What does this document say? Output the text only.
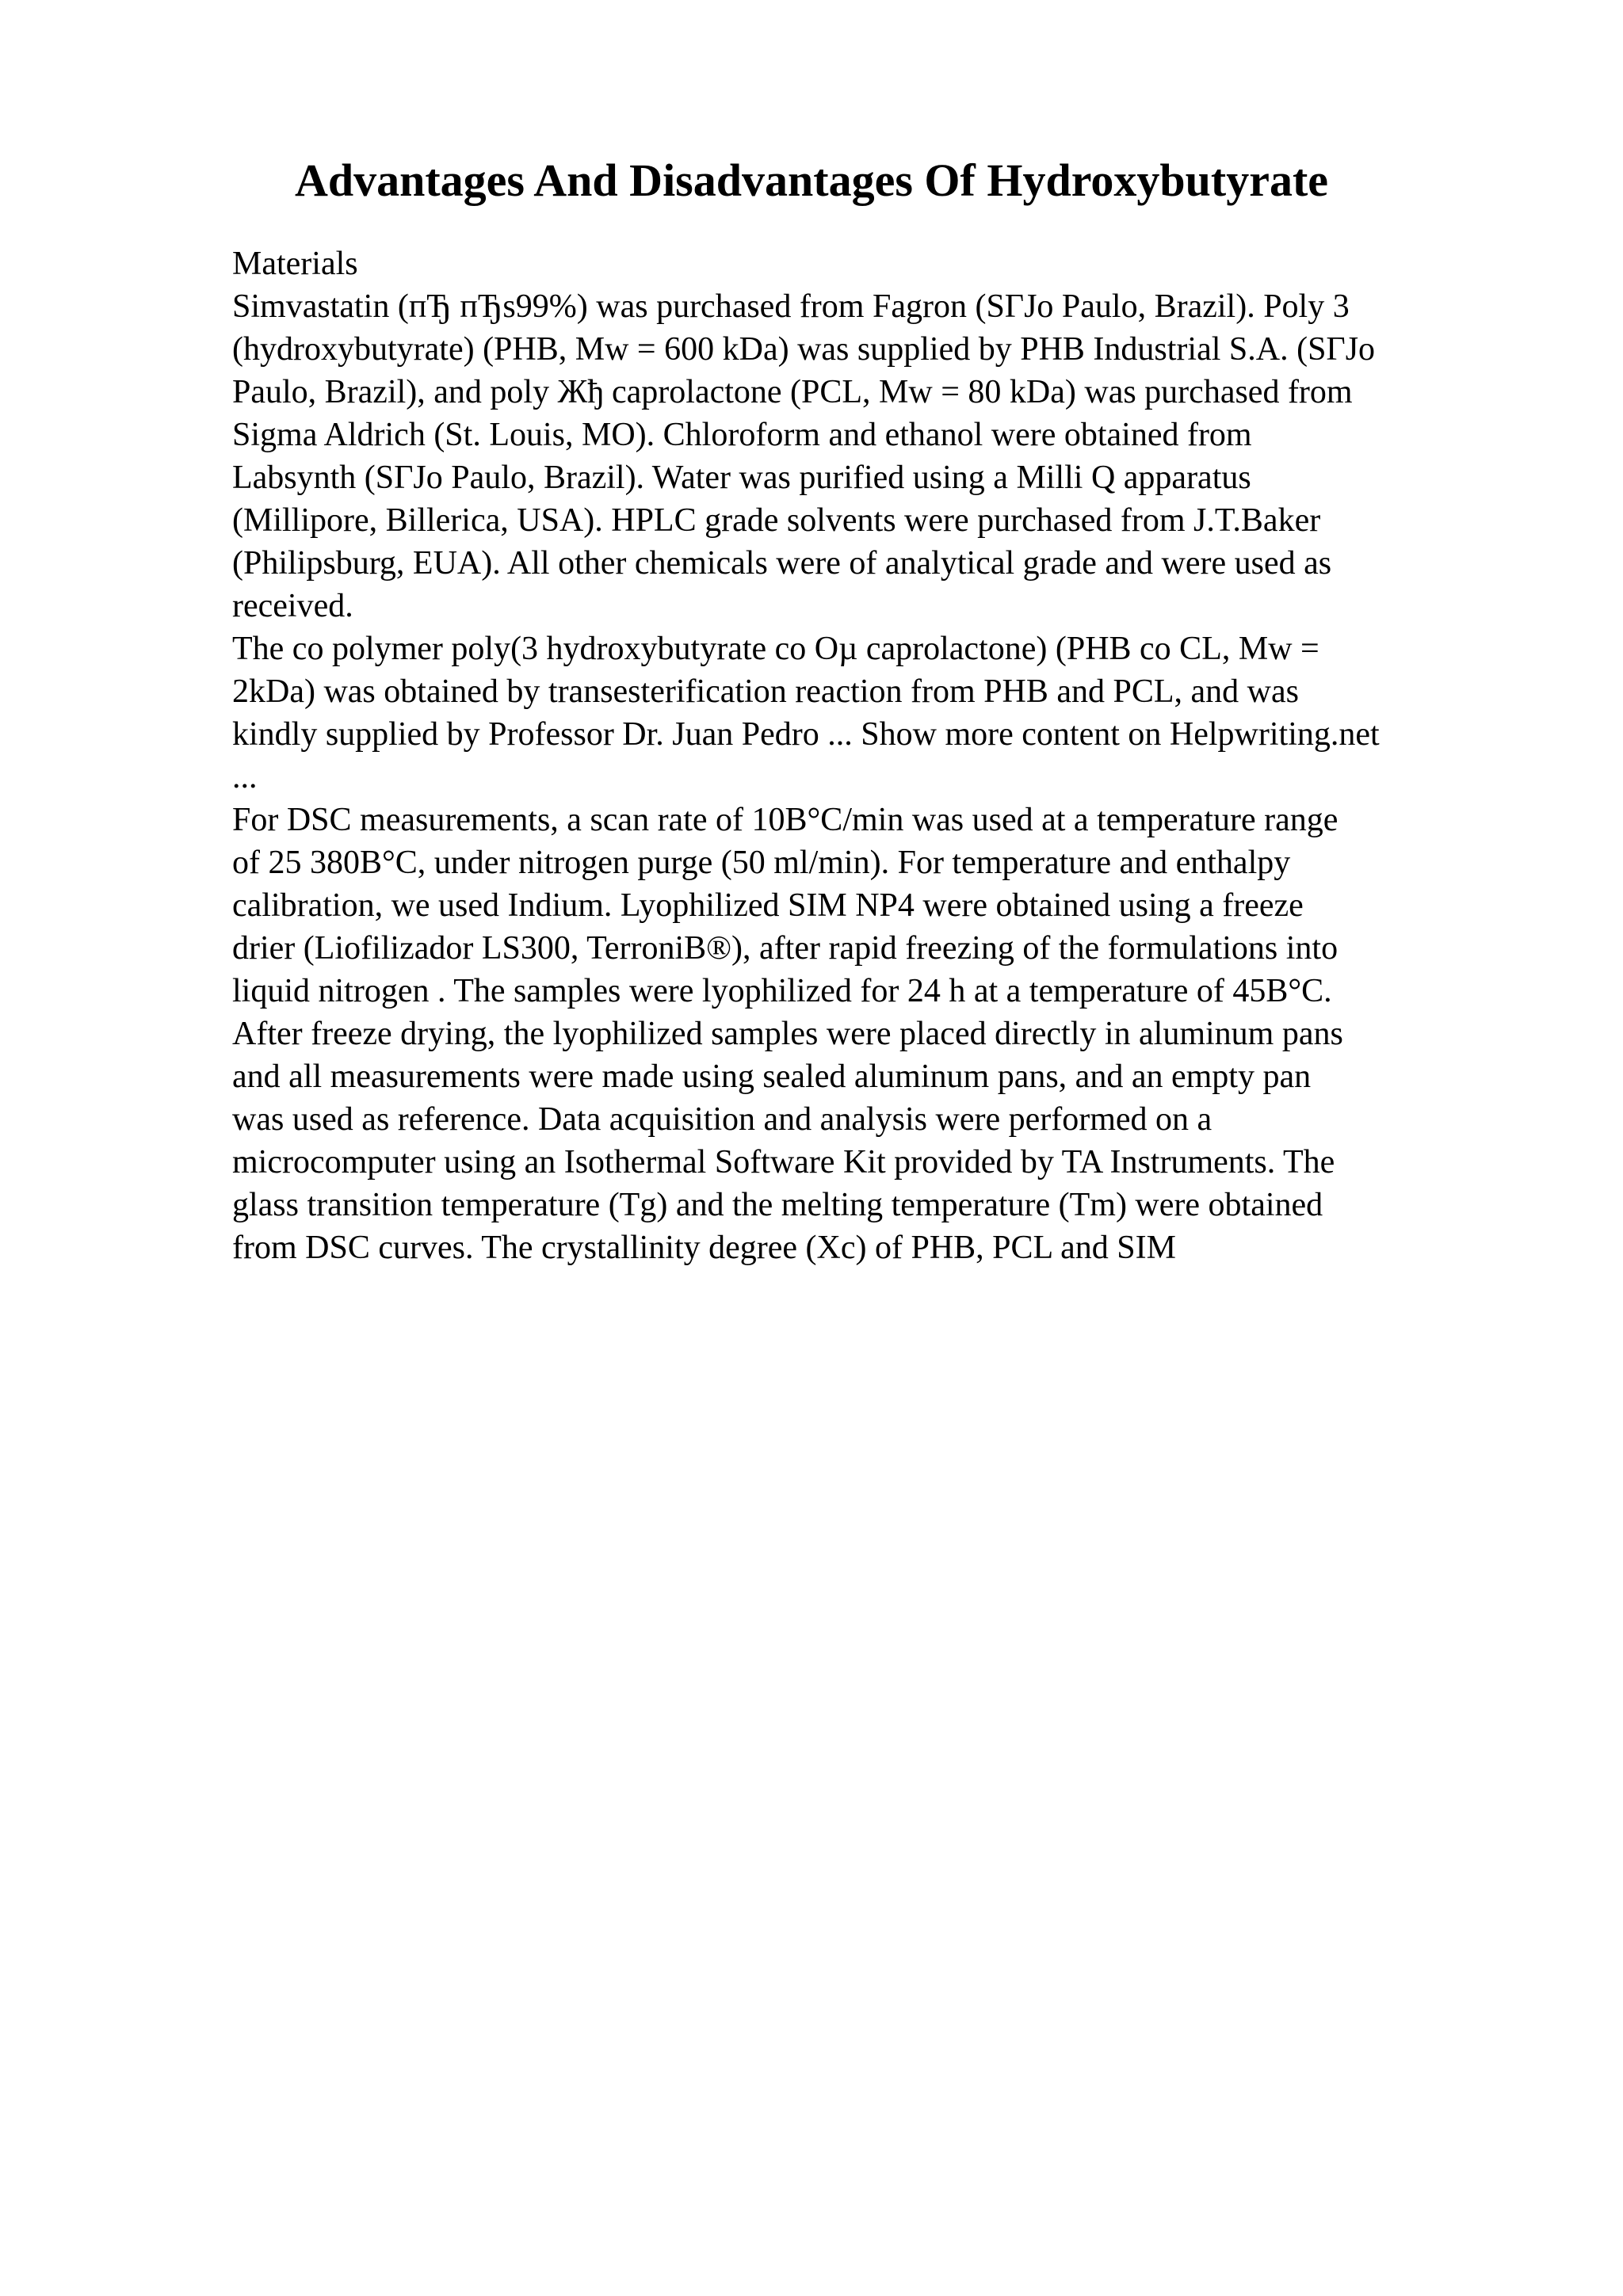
Advantages And Disadvantages Of Hydroxybutyrate
Materials
Simvastatin (пЂ пЂs99%) was purchased from Fagron (SГЈo Paulo, Brazil). Poly 3
(hydroxybutyrate) (PHB, Mw = 600 kDa) was supplied by PHB Industrial S.A. (SГЈo
Paulo, Brazil), and poly Жђ caprolactone (PCL, Mw = 80 kDa) was purchased from
Sigma Aldrich (St. Louis, MO). Chloroform and ethanol were obtained from
Labsynth (SГЈo Paulo, Brazil). Water was purified using a Milli Q apparatus
(Millipore, Billerica, USA). HPLC grade solvents were purchased from J.T.Baker
(Philipsburg, EUA). All other chemicals were of analytical grade and were used as
received.
The co polymer poly(3 hydroxybutyrate co Оµ caprolactone) (PHB co CL, Mw =
2kDa) was obtained by transesterification reaction from PHB and PCL, and was
kindly supplied by Professor Dr. Juan Pedro ... Show more content on Helpwriting.net
...
For DSC measurements, a scan rate of 10В°C/min was used at a temperature range
of 25 380В°C, under nitrogen purge (50 ml/min). For temperature and enthalpy
calibration, we used Indium. Lyophilized SIM NP4 were obtained using a freeze
drier (Liofilizador LS300, TerroniВ®), after rapid freezing of the formulations into
liquid nitrogen . The samples were lyophilized for 24 h at a temperature of 45В°C.
After freeze drying, the lyophilized samples were placed directly in aluminum pans
and all measurements were made using sealed aluminum pans, and an empty pan
was used as reference. Data acquisition and analysis were performed on a
microcomputer using an Isothermal Software Kit provided by TA Instruments. The
glass transition temperature (Tg) and the melting temperature (Tm) were obtained
from DSC curves. The crystallinity degree (Xc) of PHB, PCL and SIM
